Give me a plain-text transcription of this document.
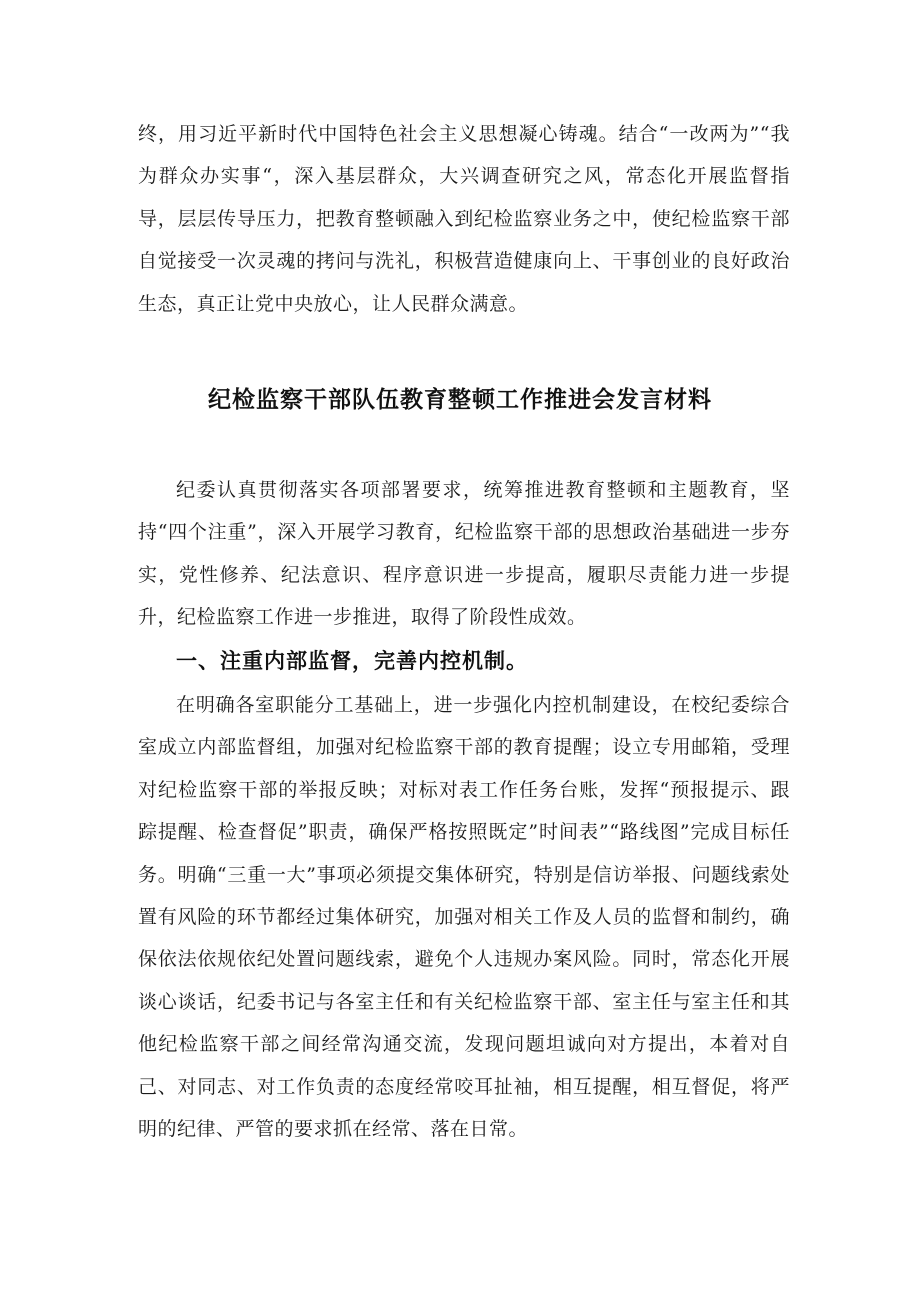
终，用习近平新时代中国特色社会主义思想凝心铸魂。结合“一改两为”“我为群众办实事“，深入基层群众，大兴调查研究之风，常态化开展监督指导，层层传导压力，把教育整顿融入到纪检监察业务之中，使纪检监察干部自觉接受一次灵魂的拷问与洗礼，积极营造健康向上、干事创业的良好政治生态，真正让党中央放心，让人民群众满意。

纪检监察干部队伍教育整顿工作推进会发言材料

纪委认真贯彻落实各项部署要求，统筹推进教育整顿和主题教育，坚持“四个注重”，深入开展学习教育，纪检监察干部的思想政治基础进一步夯实，党性修养、纪法意识、程序意识进一步提高，履职尽责能力进一步提升，纪检监察工作进一步推进，取得了阶段性成效。

一、注重内部监督，完善内控机制。

在明确各室职能分工基础上，进一步强化内控机制建设，在校纪委综合室成立内部监督组，加强对纪检监察干部的教育提醒；设立专用邮箱，受理对纪检监察干部的举报反映；对标对表工作任务台账，发挥“预报提示、跟踪提醒、检查督促”职责，确保严格按照既定”时间表”“路线图”完成目标任务。明确“三重一大”事项必须提交集体研究，特别是信访举报、问题线索处置有风险的环节都经过集体研究，加强对相关工作及人员的监督和制约，确保依法依规依纪处置问题线索，避免个人违规办案风险。同时，常态化开展谈心谈话，纪委书记与各室主任和有关纪检监察干部、室主任与室主任和其他纪检监察干部之间经常沟通交流，发现问题坦诚向对方提出，本着对自己、对同志、对工作负责的态度经常咬耳扯袖，相互提醒，相互督促，将严明的纪律、严管的要求抓在经常、落在日常。
